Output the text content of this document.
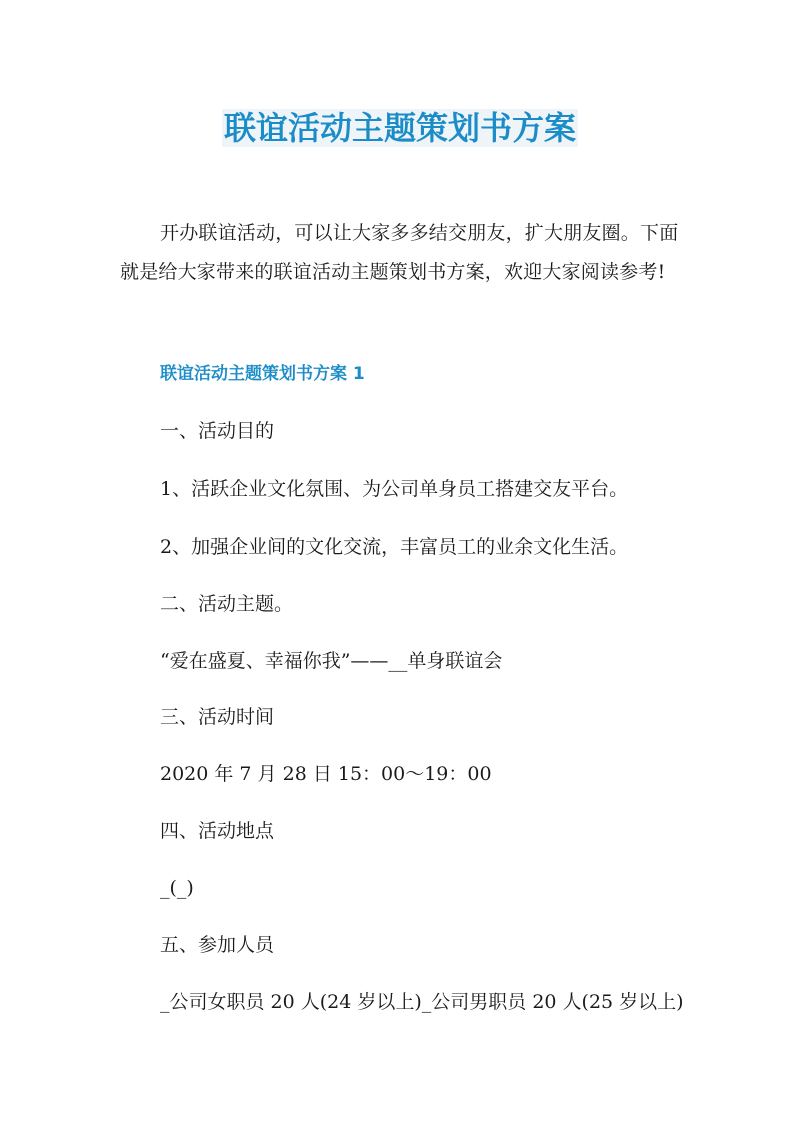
联谊活动主题策划书方案

开办联谊活动，可以让大家多多结交朋友，扩大朋友圈。下面就是给大家带来的联谊活动主题策划书方案，欢迎大家阅读参考!

联谊活动主题策划书方案 1

一、活动目的

1、活跃企业文化氛围、为公司单身员工搭建交友平台。

2、加强企业间的文化交流，丰富员工的业余文化生活。

二、活动主题。

“爱在盛夏、幸福你我”——__单身联谊会

三、活动时间

2020 年 7 月 28 日 15：00～19：00

四、活动地点

_(_)

五、参加人员

_公司女职员 20 人(24 岁以上)_公司男职员 20 人(25 岁以上)
